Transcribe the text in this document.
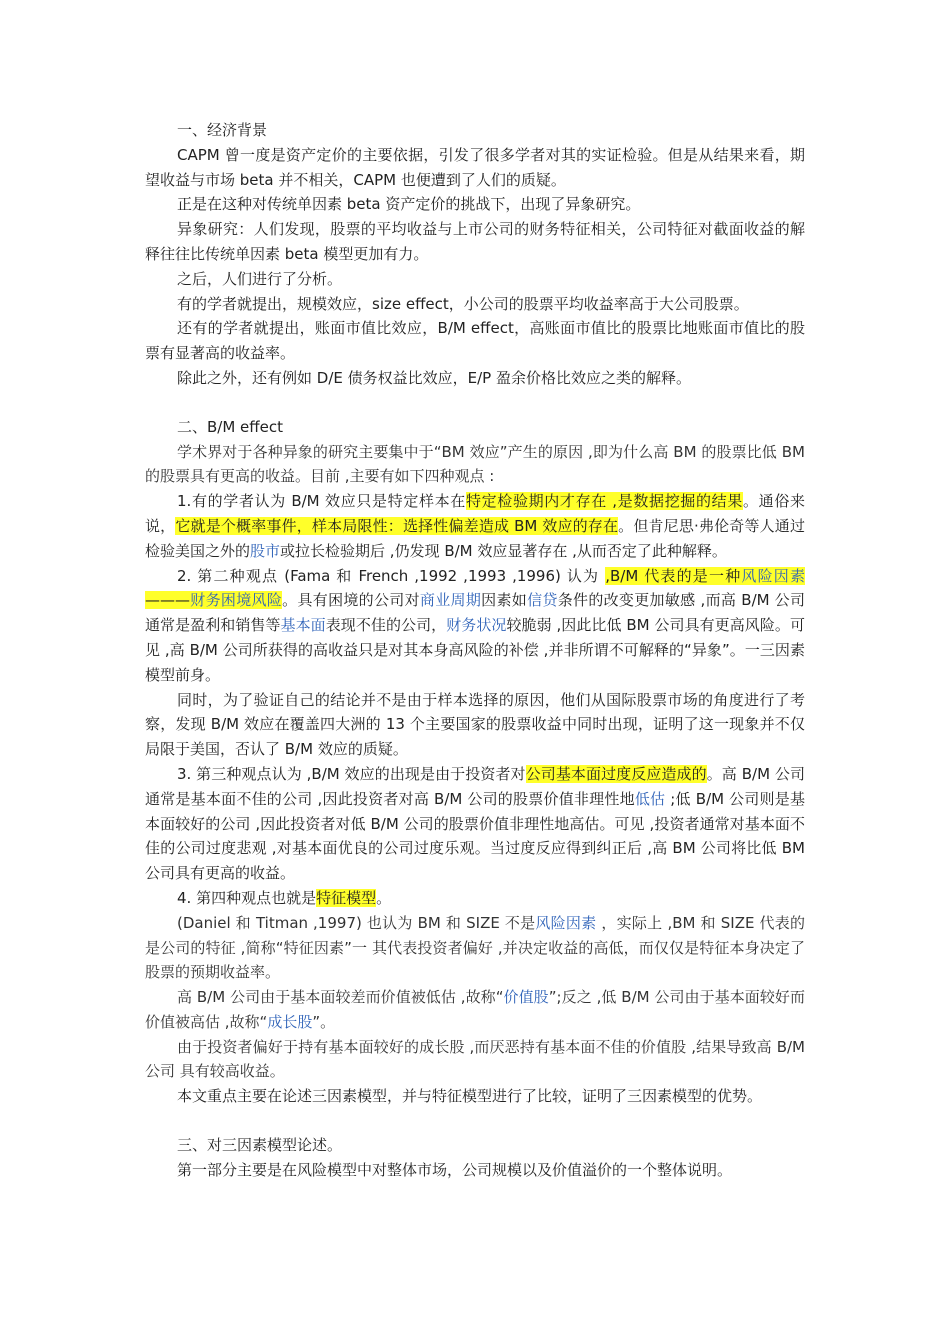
一、经济背景

CAPM 曾一度是资产定价的主要依据，引发了很多学者对其的实证检验。但是从结果来看，期望收益与市场 beta 并不相关，CAPM 也便遭到了人们的质疑。

正是在这种对传统单因素 beta 资产定价的挑战下，出现了异象研究。

异象研究：人们发现，股票的平均收益与上市公司的财务特征相关，公司特征对截面收益的解释往往比传统单因素 beta 模型更加有力。

之后，人们进行了分析。

有的学者就提出，规模效应，size effect，小公司的股票平均收益率高于大公司股票。

还有的学者就提出，账面市值比效应，B/M effect，高账面市值比的股票比地账面市值比的股票有显著高的收益率。

除此之外，还有例如 D/E 债务权益比效应，E/P 盈余价格比效应之类的解释。

二、B/M effect

学术界对于各种异象的研究主要集中于“BM 效应”产生的原因 ,即为什么高 BM 的股票比低 BM 的股票具有更高的收益。目前 ,主要有如下四种观点 :

1.有的学者认为 B/M 效应只是特定样本在特定检验期内才存在 ,是数据挖掘的结果。通俗来说，它就是个概率事件，样本局限性：选择性偏差造成 BM 效应的存在。但肯尼思·弗伦奇等人通过检验美国之外的股市或拉长检验期后 ,仍发现 B/M 效应显著存在 ,从而否定了此种解释。

2. 第二种观点 (Fama 和 French ,1992 ,1993 ,1996) 认为 ,B/M 代表的是一种风险因素———财务困境风险。具有困境的公司对商业周期因素如信贷条件的改变更加敏感 ,而高 B/M 公司通常是盈利和销售等基本面表现不佳的公司，财务状况较脆弱 ,因此比低 BM 公司具有更高风险。可见 ,高 B/M 公司所获得的高收益只是对其本身高风险的补偿 ,并非所谓不可解释的“异象”。一三因素模型前身。

同时，为了验证自己的结论并不是由于样本选择的原因，他们从国际股票市场的角度进行了考察，发现 B/M 效应在覆盖四大洲的 13 个主要国家的股票收益中同时出现，证明了这一现象并不仅局限于美国，否认了 B/M 效应的质疑。

3. 第三种观点认为 ,B/M 效应的出现是由于投资者对公司基本面过度反应造成的。高 B/M 公司通常是基本面不佳的公司 ,因此投资者对高 B/M 公司的股票价值非理性地低估 ;低 B/M 公司则是基本面较好的公司 ,因此投资者对低 B/M 公司的股票价值非理性地高估。可见 ,投资者通常对基本面不佳的公司过度悲观 ,对基本面优良的公司过度乐观。当过度反应得到纠正后 ,高 BM 公司将比低 BM 公司具有更高的收益。

4. 第四种观点也就是特征模型。

(Daniel 和 Titman ,1997) 也认为 BM 和 SIZE 不是风险因素 ，实际上 ,BM 和 SIZE 代表的是公司的特征 ,简称“特征因素”一 其代表投资者偏好 ,并决定收益的高低，而仅仅是特征本身决定了股票的预期收益率。

高 B/M 公司由于基本面较差而价值被低估 ,故称“价值股”;反之 ,低 B/M 公司由于基本面较好而价值被高估 ,故称“成长股”。

由于投资者偏好于持有基本面较好的成长股 ,而厌恶持有基本面不佳的价值股 ,结果导致高 B/M 公司 具有较高收益。

本文重点主要在论述三因素模型，并与特征模型进行了比较，证明了三因素模型的优势。

三、对三因素模型论述。

第一部分主要是在风险模型中对整体市场，公司规模以及价值溢价的一个整体说明。
